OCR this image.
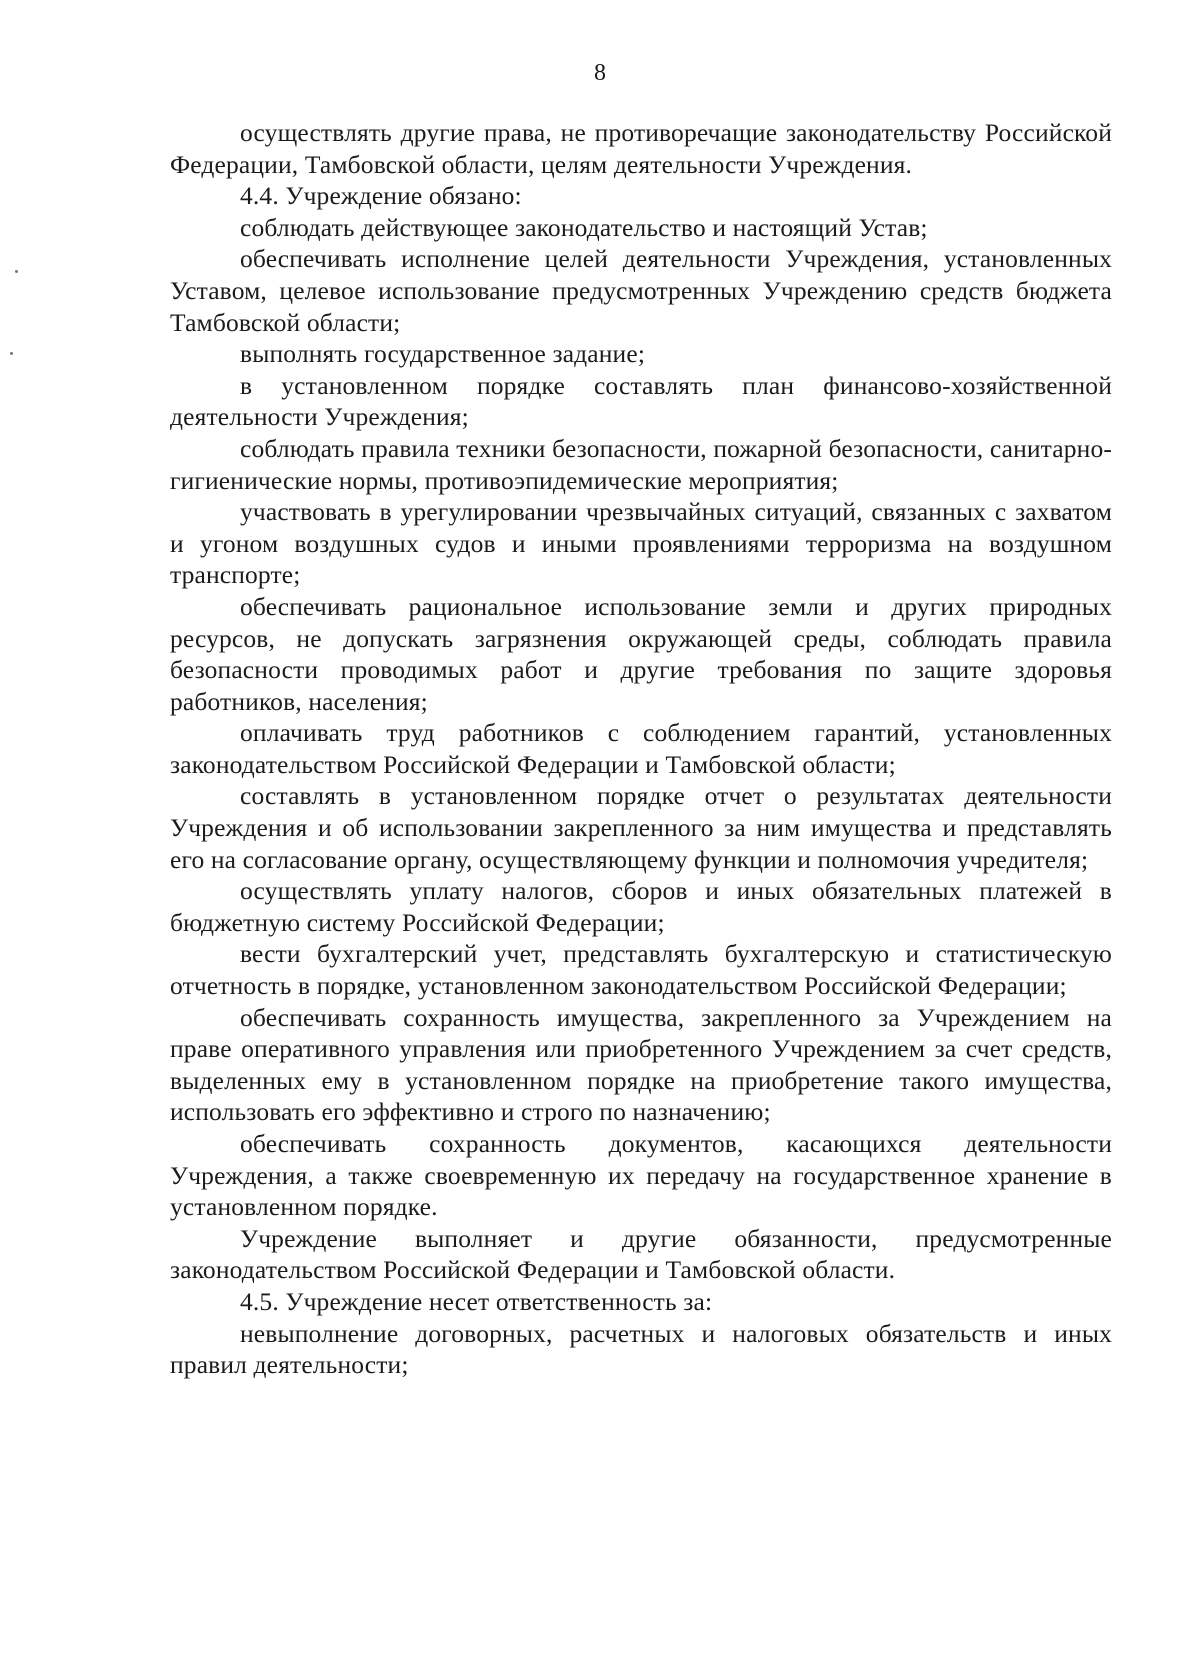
8

осуществлять другие права, не противоречащие законодательству Российской Федерации, Тамбовской области, целям деятельности Учреждения.

4.4. Учреждение обязано:

соблюдать действующее законодательство и настоящий Устав;

обеспечивать исполнение целей деятельности Учреждения, установленных Уставом, целевое использование предусмотренных Учреждению средств бюджета Тамбовской области;

выполнять государственное задание;

в установленном порядке составлять план финансово-хозяйственной деятельности Учреждения;

соблюдать правила техники безопасности, пожарной безопасности, санитарно-гигиенические нормы, противоэпидемические мероприятия;

участвовать в урегулировании чрезвычайных ситуаций, связанных с захватом и угоном воздушных судов и иными проявлениями терроризма на воздушном транспорте;

обеспечивать рациональное использование земли и других природных ресурсов, не допускать загрязнения окружающей среды, соблюдать правила безопасности проводимых работ и другие требования по защите здоровья работников, населения;

оплачивать труд работников с соблюдением гарантий, установленных законодательством Российской Федерации и Тамбовской области;

составлять в установленном порядке отчет о результатах деятельности Учреждения и об использовании закрепленного за ним имущества и представлять его на согласование органу, осуществляющему функции и полномочия учредителя;

осуществлять уплату налогов, сборов и иных обязательных платежей в бюджетную систему Российской Федерации;

вести бухгалтерский учет, представлять бухгалтерскую и статистическую отчетность в порядке, установленном законодательством Российской Федерации;

обеспечивать сохранность имущества, закрепленного за Учреждением на праве оперативного управления или приобретенного Учреждением за счет средств, выделенных ему в установленном порядке на приобретение такого имущества, использовать его эффективно и строго по назначению;

обеспечивать сохранность документов, касающихся деятельности Учреждения, а также своевременную их передачу на государственное хранение в установленном порядке.

Учреждение выполняет и другие обязанности, предусмотренные законодательством Российской Федерации и Тамбовской области.

4.5. Учреждение несет ответственность за:

невыполнение договорных, расчетных и налоговых обязательств и иных правил деятельности;
